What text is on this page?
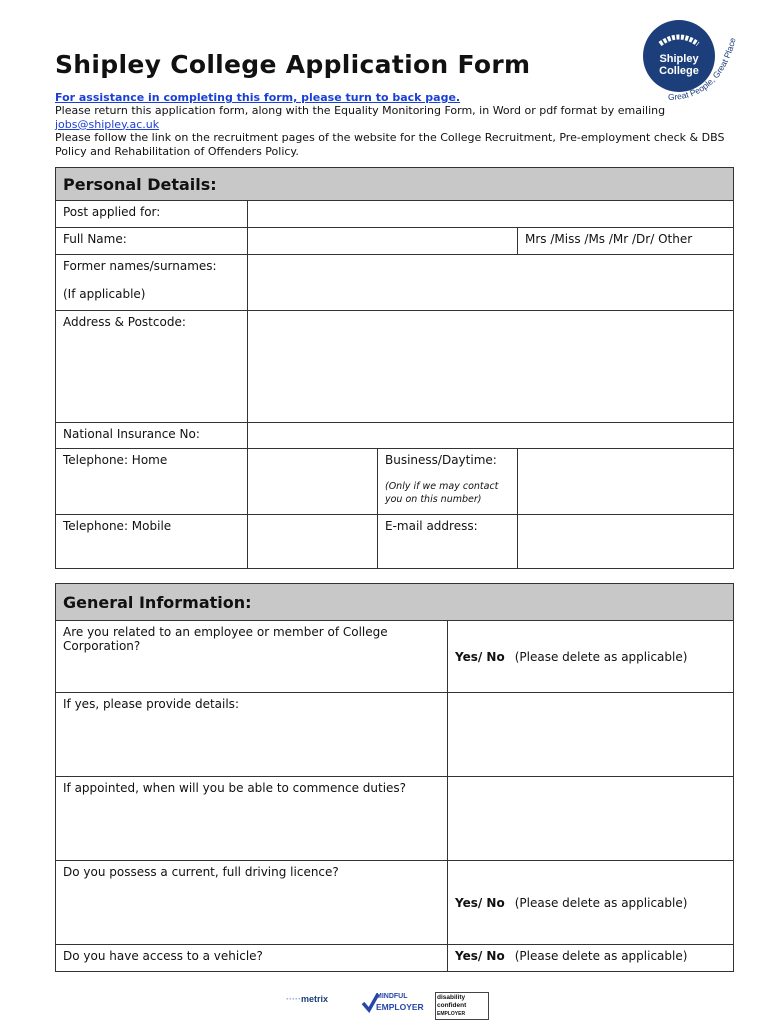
Shipley College Application Form	Shipley
College
Great People, Great Place
For assistance in completing this form, please turn to back page.
Please return this application form, along with the Equality Monitoring Form, in Word or pdf format by emailing
jobs@shipley.ac.uk
Please follow the link on the recruitment pages of the website for the College Recruitment, Pre-employment check & DBS Policy and Rehabilitation of Offenders Policy.
Personal Details:			
Post applied for:			
Full Name:			Mrs /Miss /Ms /Mr /Dr/ Other

Former names/surnames:
(If applicable)			

Address & Postcode:			
National Insurance No:			
Telephone: Home		Business/Daytime:
(Only if we may contact you on this number)	

Telephone: Mobile		E-mail address:	
General Information:	
Are you related to an employee or member of College Corporation?	Yes/ No (Please delete as applicable)
If yes, please provide details:	
If appointed, when will you be able to commence duties?	
Do you possess a current, full driving licence?	Yes/ No (Please delete as applicable)
Do you have access to a vehicle?	Yes/ No (Please delete as applicable)
·····metrix	MINDFUL
EMPLOYER
disability
confident
EMPLOYER
